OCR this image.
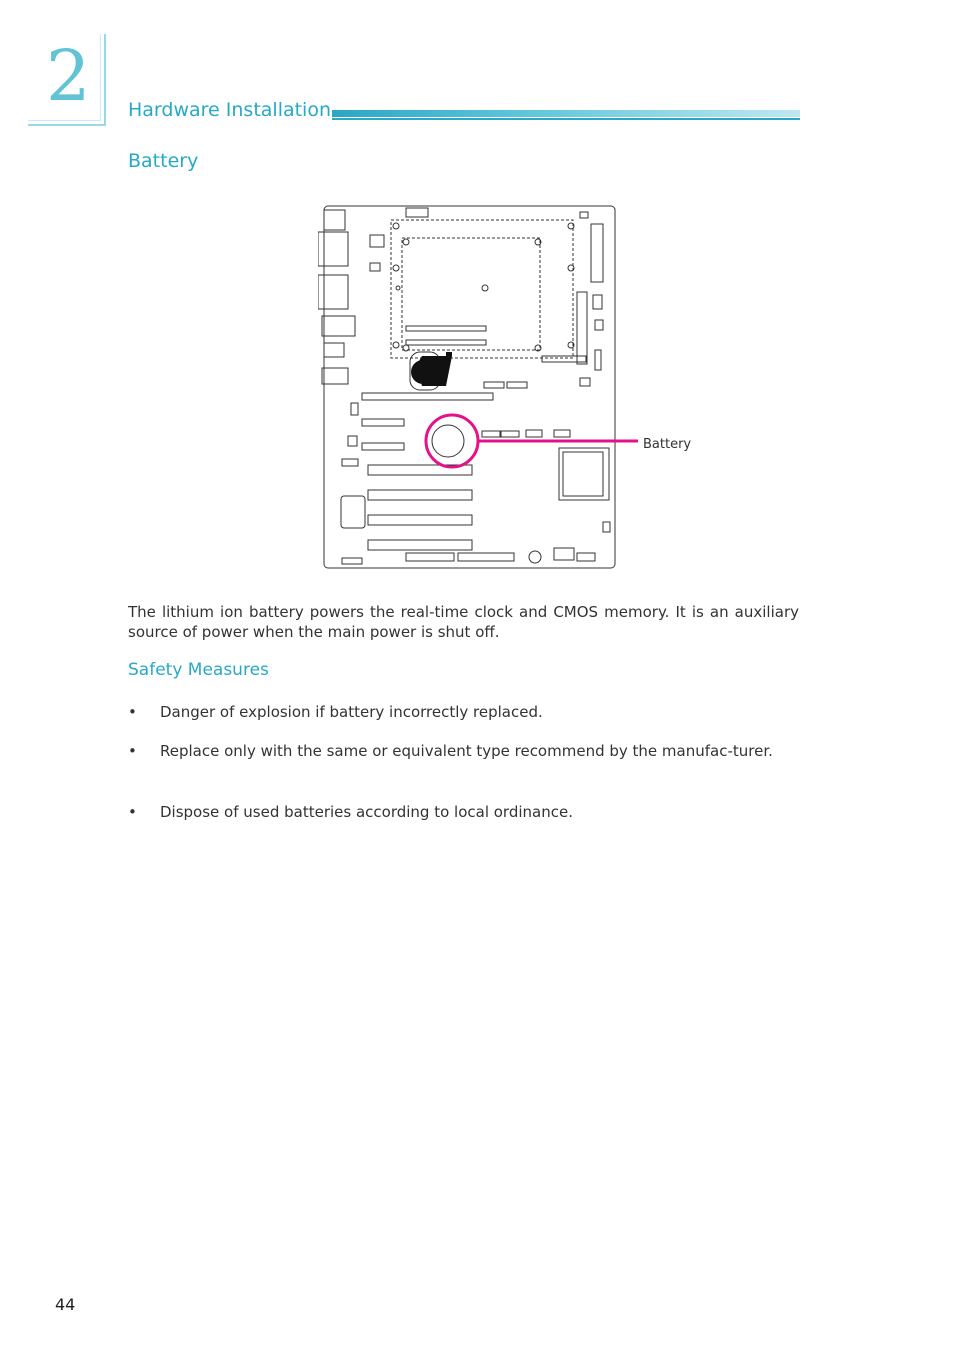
2 Hardware Installation
Battery
Battery
The lithium ion battery powers the real-time clock and CMOS memory. It is an auxiliary source of power when the main power is shut off.
Safety Measures
•	Danger of explosion if battery incorrectly replaced.
•	Replace only with the same or equivalent type recommend by the manufac-turer.
•	Dispose of used batteries according to local ordinance.
44
